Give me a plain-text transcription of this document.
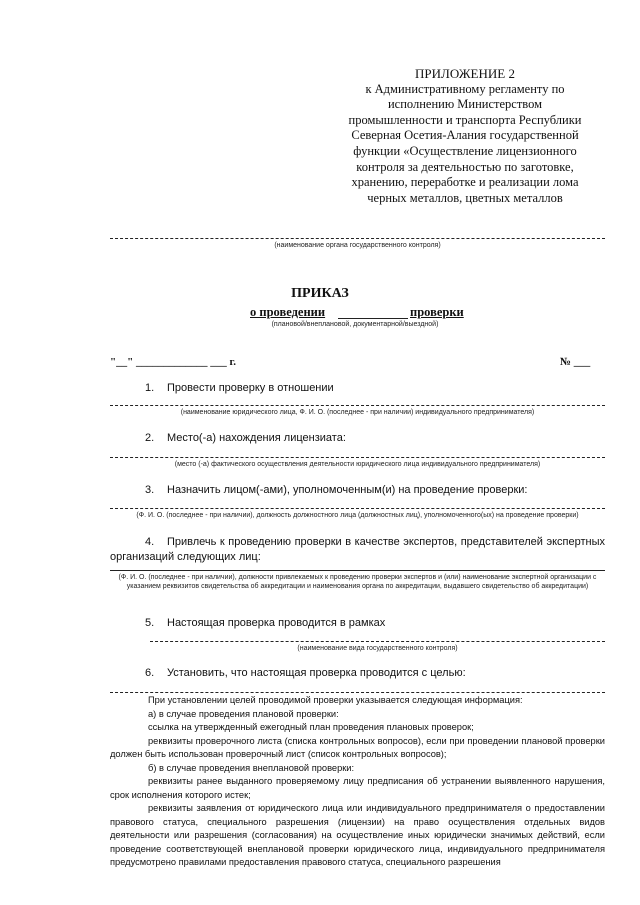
ПРИЛОЖЕНИЕ 2
к Административному регламенту по
исполнению Министерством
промышленности и транспорта Республики
Северная Осетия-Алания государственной
функции «Осуществление лицензионного
контроля за деятельностью по заготовке,
хранению, переработке и реализации лома
черных металлов, цветных металлов
(наименование органа государственного контроля)
ПРИКАЗ
о проведении	проверки
(плановой/внеплановой, документарной/выездной)
"__" _____________ ___ г.	№ ___
1. Провести проверку в отношении
(наименование юридического лица, Ф. И. О. (последнее - при наличии) индивидуального предпринимателя)
2. Место(-а) нахождения лицензиата:
(место (-а) фактического осуществления деятельности юридического лица индивидуального предпринимателя)
3. Назначить лицом(-ами), уполномоченным(и) на проведение проверки:
(Ф. И. О. (последнее - при наличии), должность должностного лица (должностных лиц), уполномоченного(ых) на проведение проверки)
4. Привлечь к проведению проверки в качестве экспертов, представителей экспертных организаций следующих лиц:
(Ф. И. О. (последнее - при наличии), должности привлекаемых к проведению проверки экспертов и (или) наименование экспертной организации с указанием реквизитов свидетельства об аккредитации и наименования органа по аккредитации, выдавшего свидетельство об аккредитации)
5. Настоящая проверка проводится в рамках
(наименование вида государственного контроля)
6. Установить, что настоящая проверка проводится с целью:

При установлении целей проводимой проверки указывается следующая информация:

а) в случае проведения плановой проверки:

ссылка на утвержденный ежегодный план проведения плановых проверок;

реквизиты проверочного листа (списка контрольных вопросов), если при проведении плановой проверки должен быть использован проверочный лист (список контрольных вопросов);

б) в случае проведения внеплановой проверки:

реквизиты ранее выданного проверяемому лицу предписания об устранении выявленного нарушения, срок исполнения которого истек;

реквизиты заявления от юридического лица или индивидуального предпринимателя о предоставлении правового статуса, специального разрешения (лицензии) на право осуществления отдельных видов деятельности или разрешения (согласования) на осуществление иных юридически значимых действий, если проведение соответствующей внеплановой проверки юридического лица, индивидуального предпринимателя предусмотрено правилами предоставления правового статуса, специального разрешения
